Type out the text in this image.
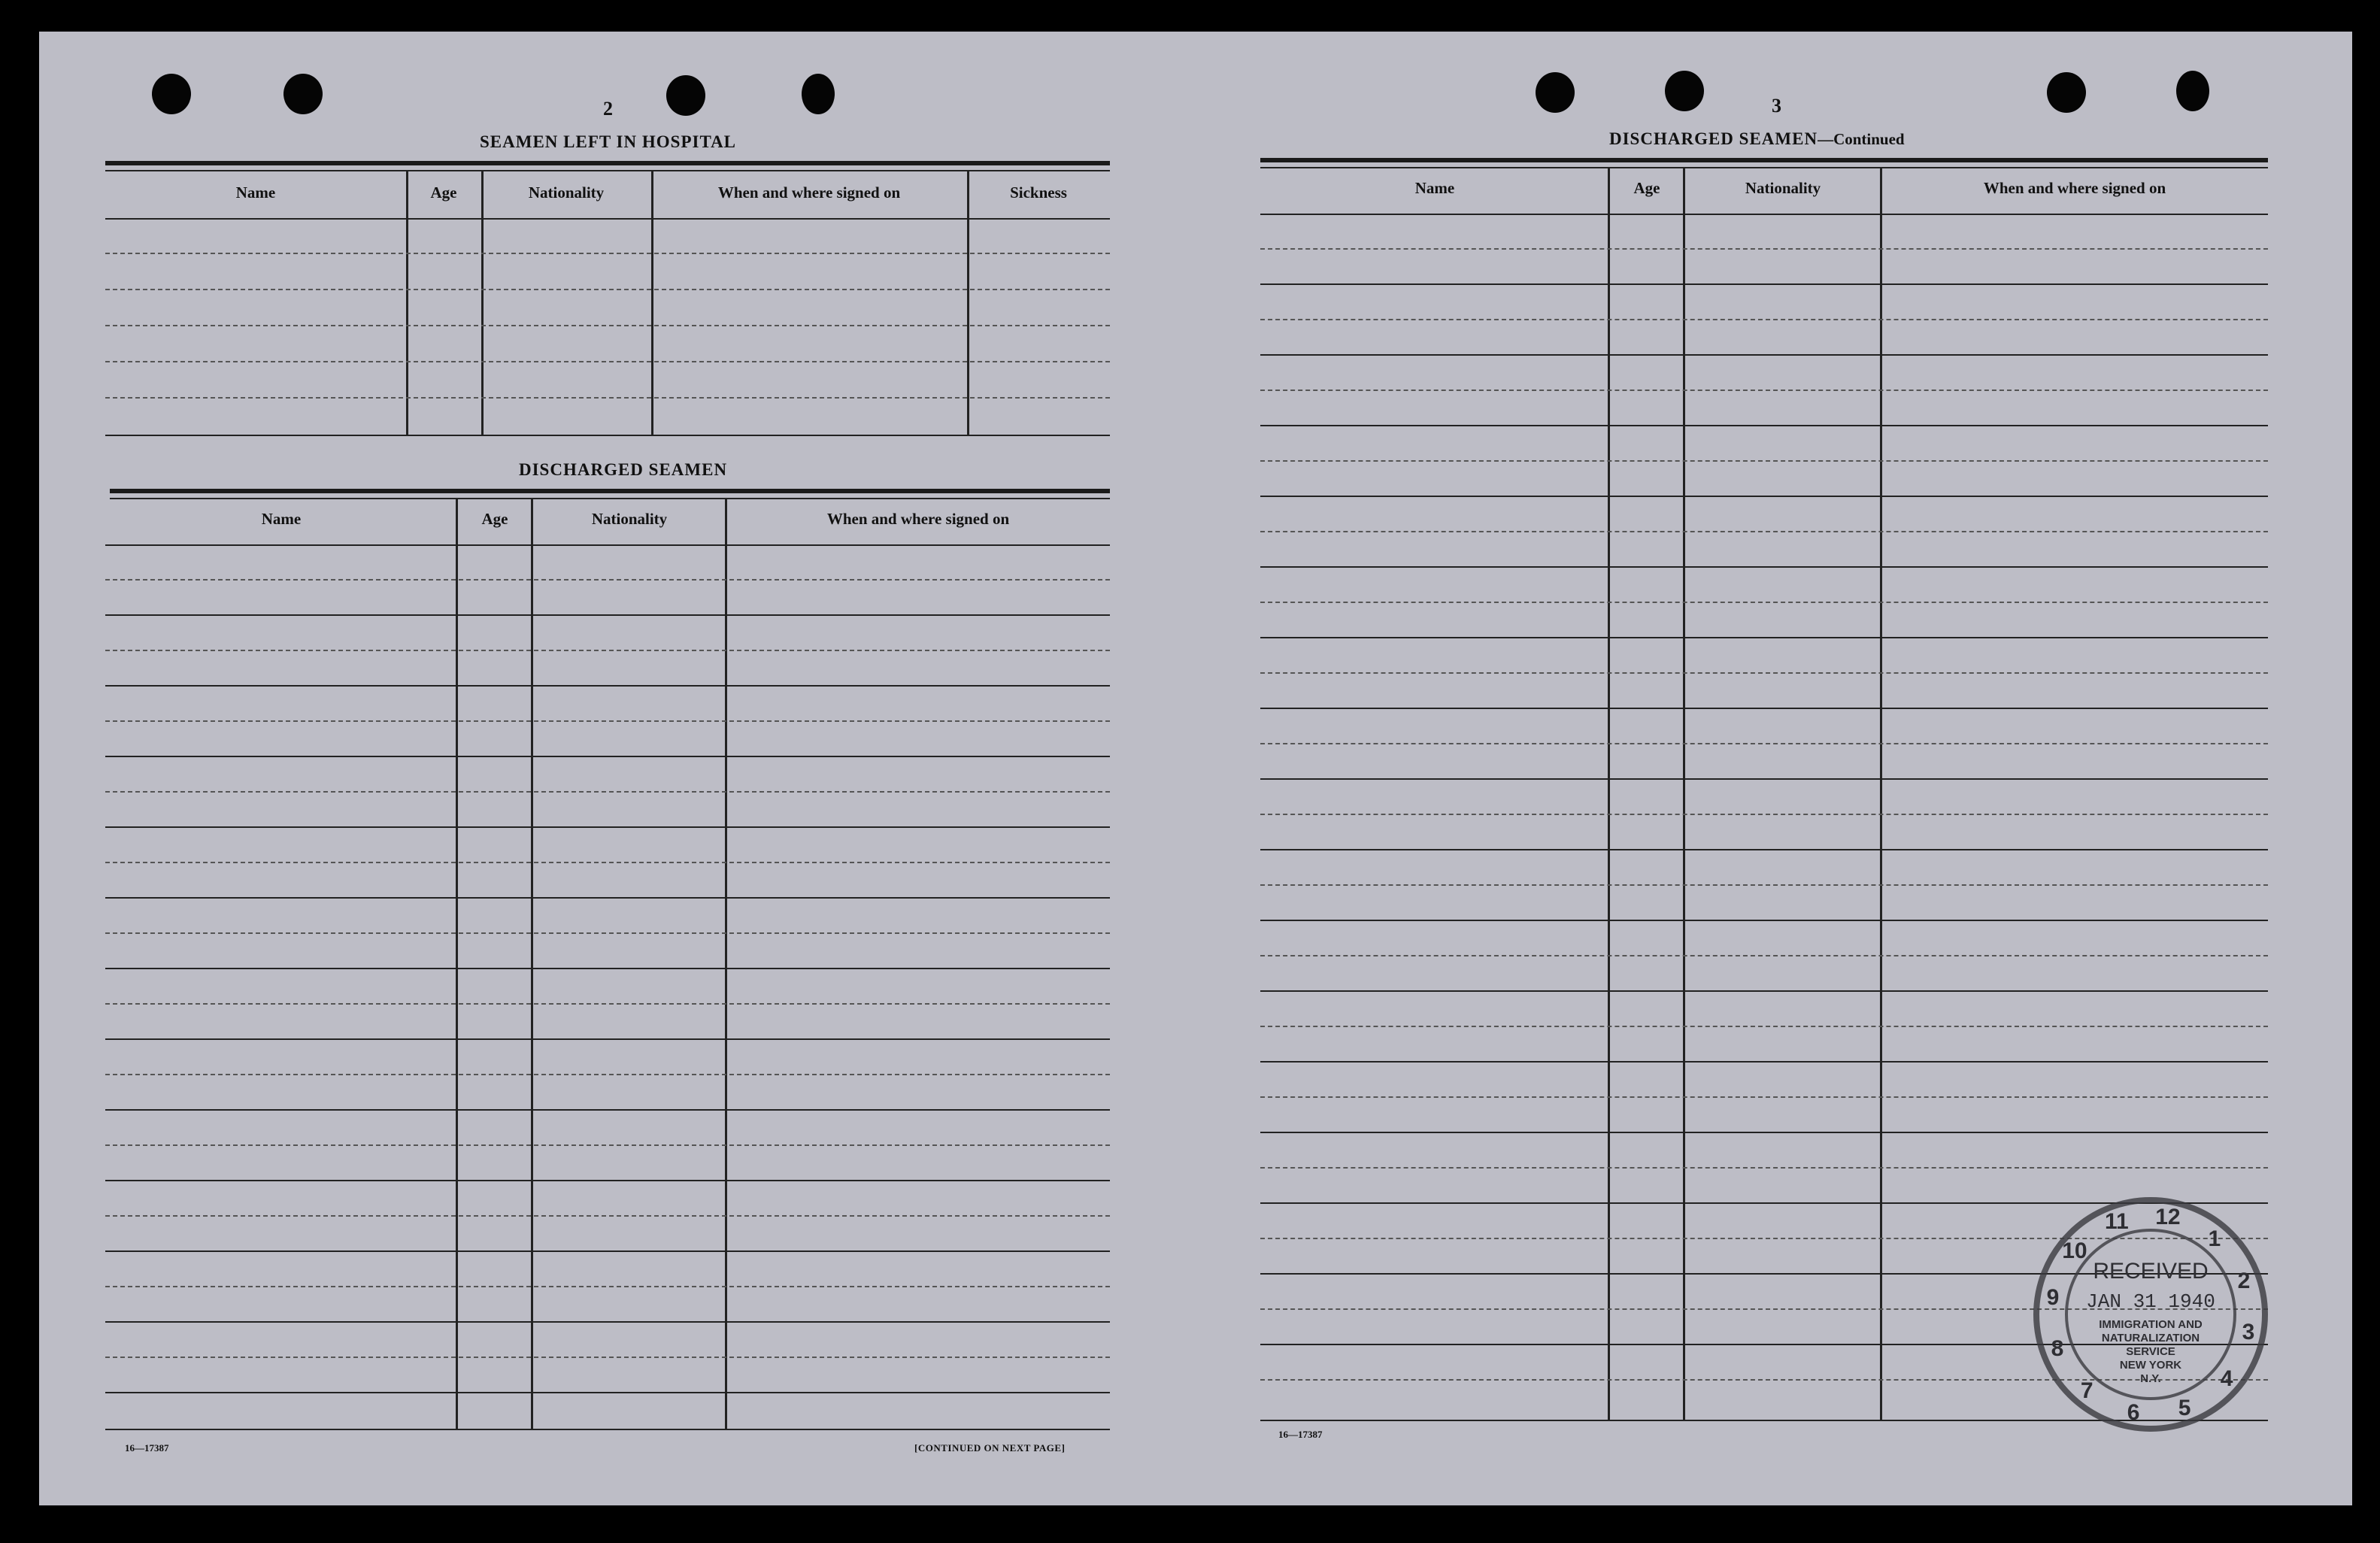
2
SEAMEN LEFT IN HOSPITAL
Name	Age	Nationality	When and where signed on	Sickness
DISCHARGED SEAMEN
Name	Age	Nationality	When and where signed on
16—17387	[CONTINUED ON NEXT PAGE]
3
DISCHARGED SEAMEN—Continued
Name	Age	Nationality	When and where signed on
16—17387
10
11 12
1
2
3
4
5
6
7
8
9
RECEIVED
JAN 31 1940
IMMIGRATION AND
NATURALIZATION
SERVICE
NEW YORK
N.Y.
